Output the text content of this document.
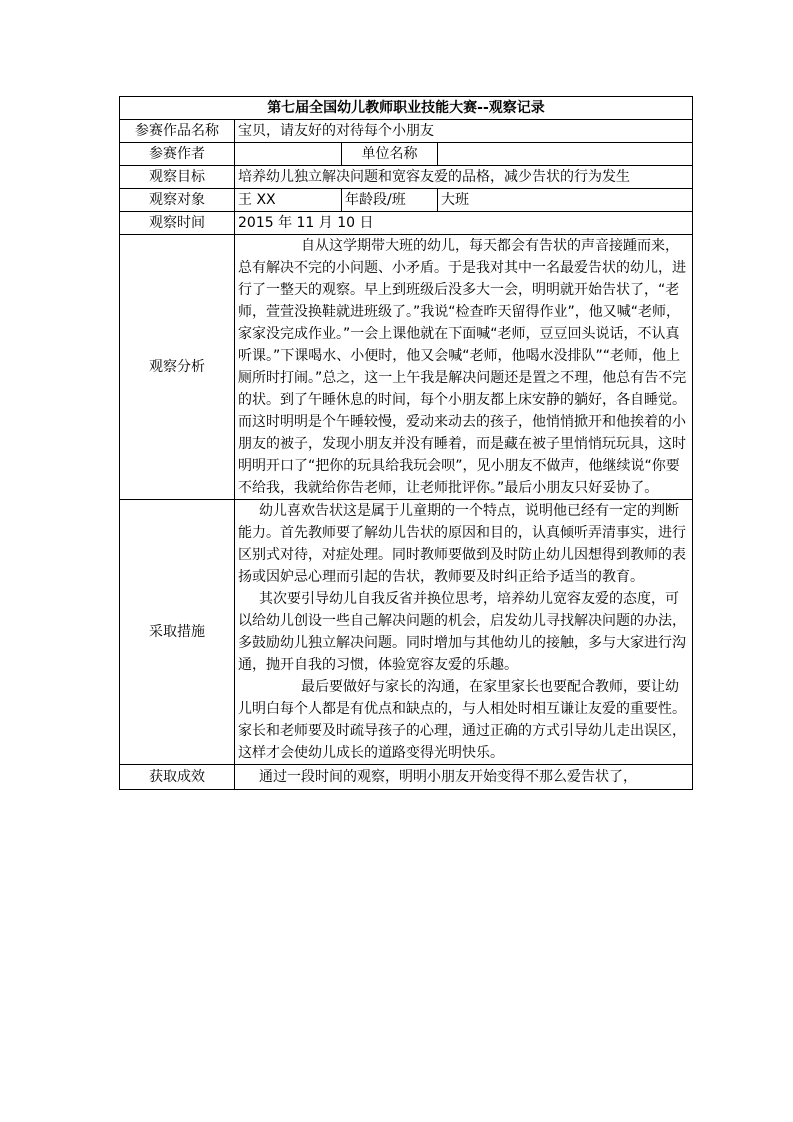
第七届全国幼儿教师职业技能大赛--观察记录			
参赛作品名称	宝贝，请友好的对待每个小朋友		
参赛作者		单位名称	
观察目标	培养幼儿独立解决问题和宽容友爱的品格，减少告状的行为发生		
观察对象	王 XX	年龄段/班	大班
观察时间	2015 年 11 月 10 日		
观察分析	自从这学期带大班的幼儿，每天都会有告状的声音接踵而来，总有解决不完的小问题、小矛盾。于是我对其中一名最爱告状的幼儿，进行了一整天的观察。早上到班级后没多大一会，明明就开始告状了，“老师，萱萱没换鞋就进班级了。”我说“检查昨天留得作业”，他又喊“老师，家家没完成作业。”一会上课他就在下面喊“老师，豆豆回头说话，不认真听课。”下课喝水、小便时，他又会喊“老师，他喝水没排队”“老师，他上厕所时打闹。”总之，这一上午我是解决问题还是置之不理，他总有告不完的状。到了午睡休息的时间，每个小朋友都上床安静的躺好，各自睡觉。而这时明明是个午睡较慢，爱动来动去的孩子，他悄悄掀开和他挨着的小朋友的被子，发现小朋友并没有睡着，而是藏在被子里悄悄玩玩具，这时明明开口了“把你的玩具给我玩会呗”，见小朋友不做声，他继续说“你要不给我，我就给你告老师，让老师批评你。”最后小朋友只好妥协了。		

采取措施	幼儿喜欢告状这是属于儿童期的一个特点，说明他已经有一定的判断能力。首先教师要了解幼儿告状的原因和目的，认真倾听弄清事实，进行区别式对待，对症处理。同时教师要做到及时防止幼儿因想得到教师的表扬或因妒忌心理而引起的告状，教师要及时纠正给予适当的教育。

其次要引导幼儿自我反省并换位思考，培养幼儿宽容友爱的态度，可以给幼儿创设一些自己解决问题的机会，启发幼儿寻找解决问题的办法，多鼓励幼儿独立解决问题。同时增加与其他幼儿的接触，多与大家进行沟通，抛开自我的习惯，体验宽容友爱的乐趣。

最后要做好与家长的沟通，在家里家长也要配合教师，要让幼儿明白每个人都是有优点和缺点的，与人相处时相互谦让友爱的重要性。家长和老师要及时疏导孩子的心理，通过正确的方式引导幼儿走出误区，这样才会使幼儿成长的道路变得光明快乐。		

获取成效	通过一段时间的观察，明明小朋友开始变得不那么爱告状了，		
